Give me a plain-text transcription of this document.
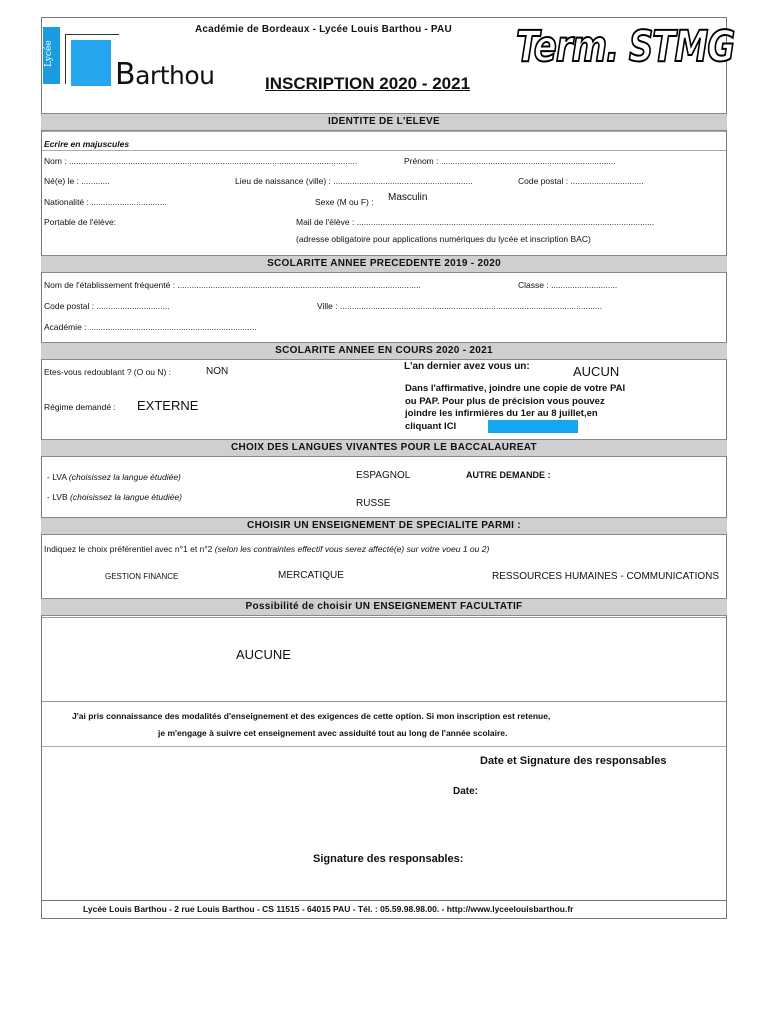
Académie de Bordeaux - Lycée Louis Barthou - PAU
Lycée
Barthou
Term. STMG
INSCRIPTION 2020 - 2021
IDENTITE DE L'ELEVE
Ecrire en majuscules
Nom : ..........................................................................................................................	Prénom : ..........................................................................
Né(e) le : ............	Lieu de naissance (ville) : ...........................................................	Code postal : ...............................
Nationalité : ................................	Sexe (M ou F) : Masculin
Portable de l'élève:	Mail de l'élève : ..............................................................................................................................
(adresse obligatoire pour applications numériques du lycée et inscription BAC)
SCOLARITE ANNEE PRECEDENTE 2019 - 2020
Nom de l'établissement fréquenté : .......................................................................................................	Classe : ............................
Code postal : ...............................	Ville : ...............................................................................................................
Académie : .......................................................................
SCOLARITE ANNEE EN COURS 2020 - 2021
Etes-vous redoublant ? (O ou N) :	NON	L'an dernier avez vous un:	AUCUN
Dans l'affirmative, joindre une copie de votre PAI
ou PAP. Pour plus de précision vous pouvez
joindre les infirmières du 1er au 8 juillet,en
cliquant ICI
Régime demandé : EXTERNE
CHOIX DES LANGUES VIVANTES POUR LE BACCALAUREAT
- LVA (choisissez la langue étudiée)	ESPAGNOL	AUTRE DEMANDE :
- LVB (choisissez la langue étudiée)
RUSSE
CHOISIR UN ENSEIGNEMENT DE SPECIALITE PARMI :
Indiquez le choix préférentiel avec n°1 et n°2 (selon les contraintes effectif vous serez affecté(e) sur votre voeu 1 ou 2)
GESTION FINANCE	MERCATIQUE	RESSOURCES HUMAINES - COMMUNICATIONS
Possibilité de choisir UN ENSEIGNEMENT FACULTATIF
AUCUNE
J'ai pris connaissance des modalités d'enseignement et des exigences de cette option. Si mon inscription est retenue,
je m'engage à suivre cet enseignement avec assiduité tout au long de l'année scolaire.
Date et Signature des responsables
Date:
Signature des responsables:
Lycée Louis Barthou - 2 rue Louis Barthou - CS 11515 - 64015 PAU - Tél. : 05.59.98.98.00. - http://www.lyceelouisbarthou.fr
